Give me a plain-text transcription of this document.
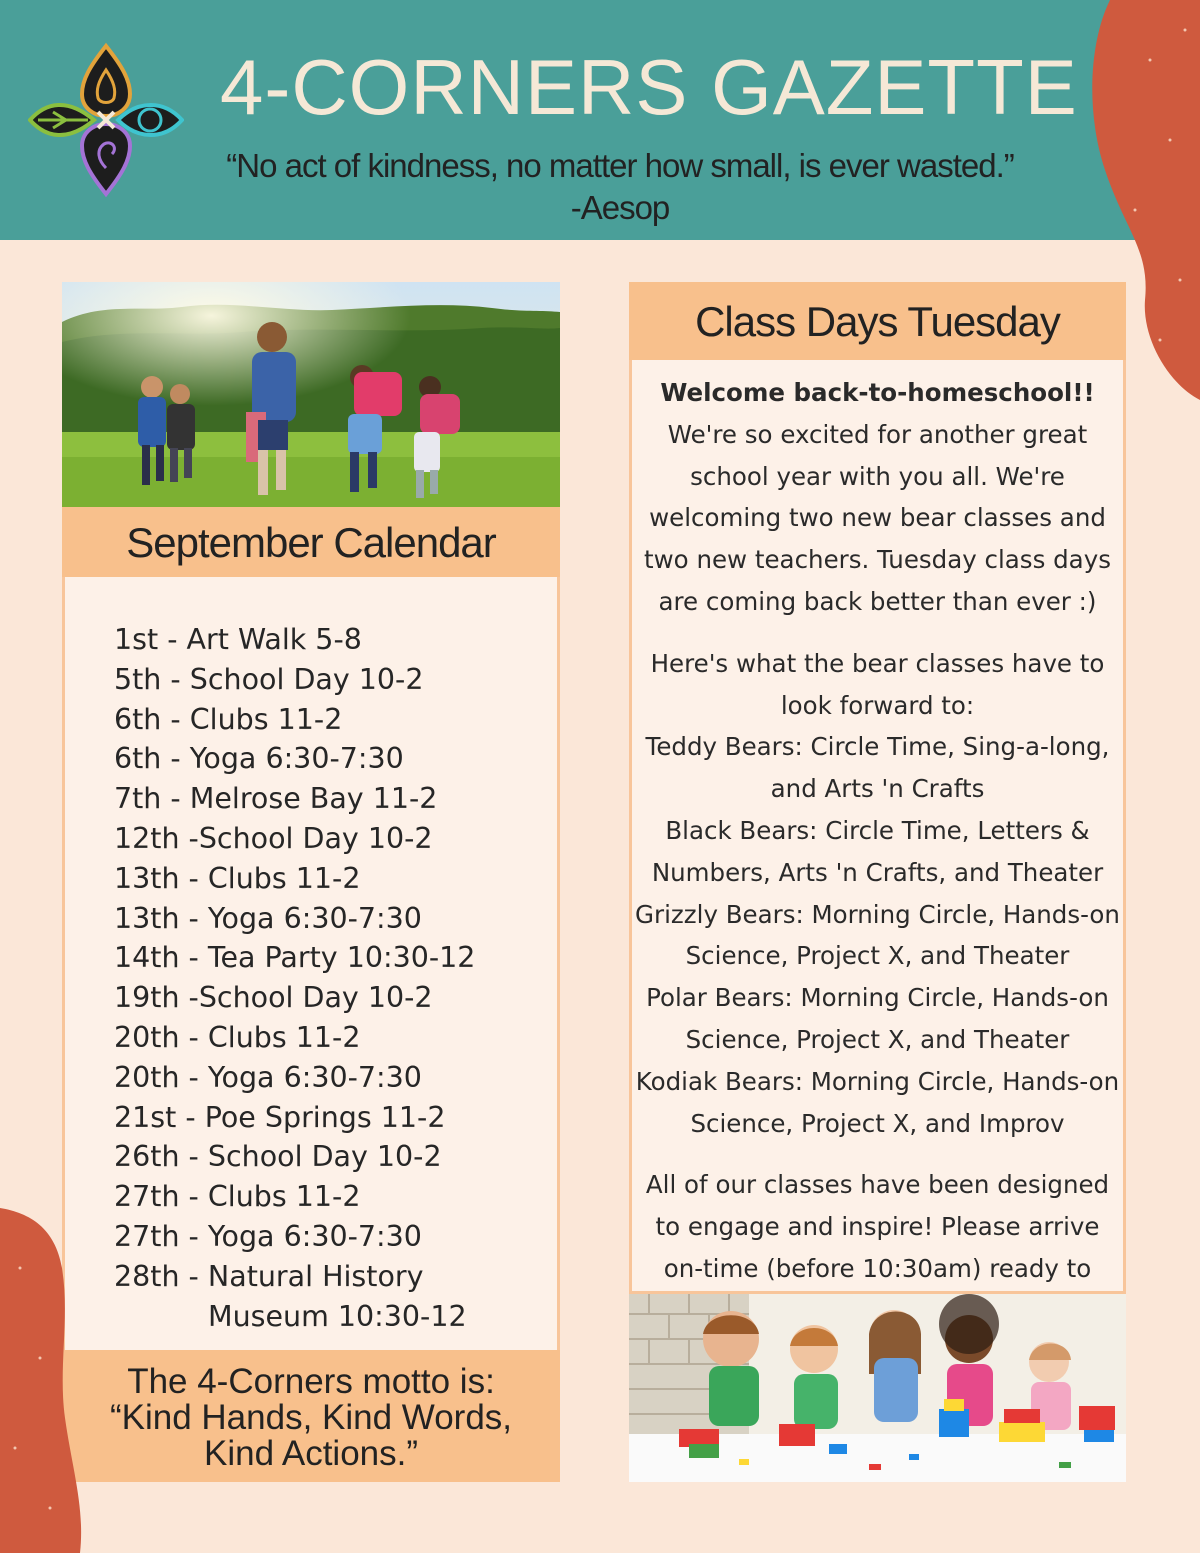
4-CORNERS GAZETTE
“No act of kindness, no matter how small, is ever wasted.”
-Aesop
September Calendar
1st - Art Walk 5-8
5th - School Day 10-2
6th - Clubs 11-2
6th - Yoga 6:30-7:30
7th - Melrose Bay 11-2
12th -School Day 10-2
13th - Clubs 11-2
13th - Yoga 6:30-7:30
14th - Tea Party 10:30-12
19th -School Day 10-2
20th - Clubs 11-2
20th - Yoga 6:30-7:30
21st - Poe Springs 11-2
26th - School Day 10-2
27th - Clubs 11-2
27th - Yoga 6:30-7:30
28th - Natural History
Museum 10:30-12
The 4-Corners motto is:
“Kind Hands, Kind Words,
Kind Actions.”
Class Days Tuesday

Welcome back-to-homeschool!!
We're so excited for another great school year with you all. We're welcoming two new bear classes and two new teachers. Tuesday class days are coming back better than ever :)

Here's what the bear classes have to look forward to:
Teddy Bears: Circle Time, Sing-a-long, and Arts 'n Crafts
Black Bears: Circle Time, Letters & Numbers, Arts 'n Crafts, and Theater
Grizzly Bears: Morning Circle, Hands-on Science, Project X, and Theater
Polar Bears: Morning Circle, Hands-on Science, Project X, and Theater
Kodiak Bears: Morning Circle, Hands-on Science, Project X, and Improv

All of our classes have been designed to engage and inspire! Please arrive on-time (before 10:30am) ready to
